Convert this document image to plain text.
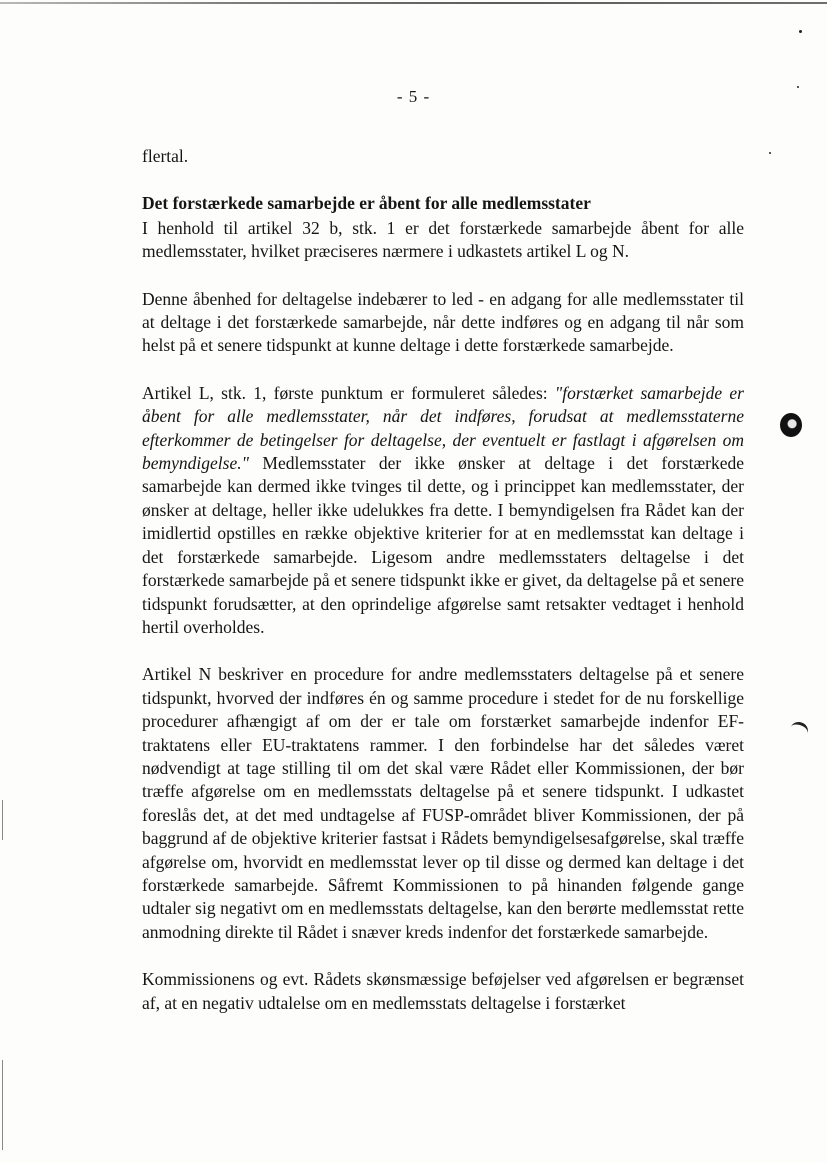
- 5 -

flertal.

Det forstærkede samarbejde er åbent for alle medlemsstater

I henhold til artikel 32 b, stk. 1 er det forstærkede samarbejde åbent for alle medlemsstater, hvilket præciseres nærmere i udkastets artikel L og N.

Denne åbenhed for deltagelse indebærer to led - en adgang for alle medlemsstater til at deltage i det forstærkede samarbejde, når dette indføres og en adgang til når som helst på et senere tidspunkt at kunne deltage i dette forstærkede samarbejde.

Artikel L, stk. 1, første punktum er formuleret således: "forstærket samarbejde er åbent for alle medlemsstater, når det indføres, forudsat at medlemsstaterne efterkommer de betingelser for deltagelse, der eventuelt er fastlagt i afgørelsen om bemyndigelse." Medlemsstater der ikke ønsker at deltage i det forstærkede samarbejde kan dermed ikke tvinges til dette, og i princippet kan medlemsstater, der ønsker at deltage, heller ikke udelukkes fra dette. I bemyndigelsen fra Rådet kan der imidlertid opstilles en række objektive kriterier for at en medlemsstat kan deltage i det forstærkede samarbejde. Ligesom andre medlemsstaters deltagelse i det forstærkede samarbejde på et senere tidspunkt ikke er givet, da deltagelse på et senere tidspunkt forudsætter, at den oprindelige afgørelse samt retsakter vedtaget i henhold hertil overholdes.

Artikel N beskriver en procedure for andre medlemsstaters deltagelse på et senere tidspunkt, hvorved der indføres én og samme procedure i stedet for de nu forskellige procedurer afhængigt af om der er tale om forstærket samarbejde indenfor EF-traktatens eller EU-traktatens rammer. I den forbindelse har det således været nødvendigt at tage stilling til om det skal være Rådet eller Kommissionen, der bør træffe afgørelse om en medlemsstats deltagelse på et senere tidspunkt. I udkastet foreslås det, at det med undtagelse af FUSP-området bliver Kommissionen, der på baggrund af de objektive kriterier fastsat i Rådets bemyndigelsesafgørelse, skal træffe afgørelse om, hvorvidt en medlemsstat lever op til disse og dermed kan deltage i det forstærkede samarbejde. Såfremt Kommissionen to på hinanden følgende gange udtaler sig negativt om en medlemsstats deltagelse, kan den berørte medlemsstat rette anmodning direkte til Rådet i snæver kreds indenfor det forstærkede samarbejde.

Kommissionens og evt. Rådets skønsmæssige beføjelser ved afgørelsen er begrænset af, at en negativ udtalelse om en medlemsstats deltagelse i forstærket
